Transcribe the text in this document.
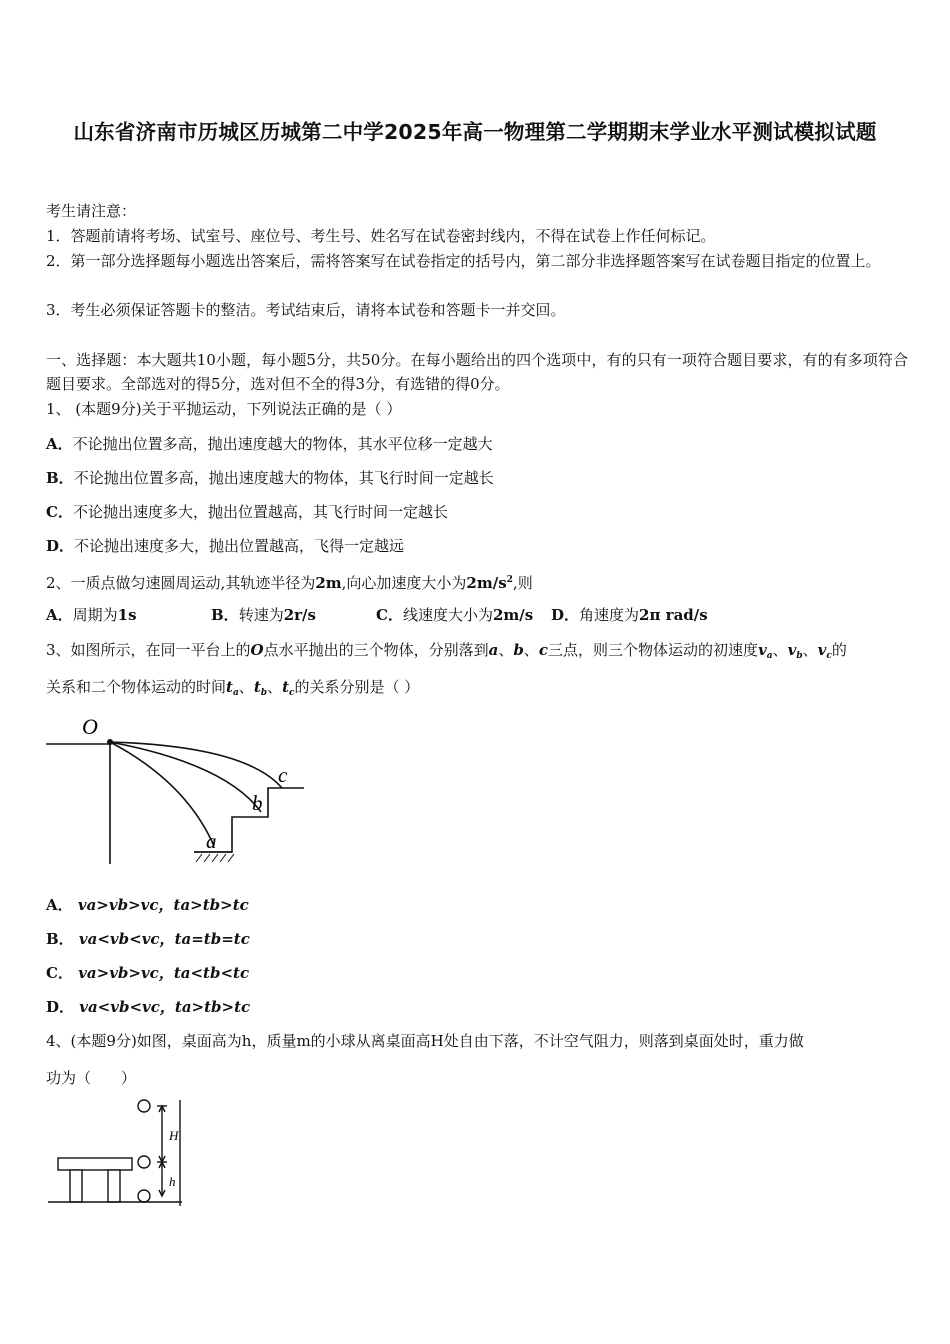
山东省济南市历城区历城第二中学2025年高一物理第二学期期末学业水平测试模拟试题
考生请注意：
1．答题前请将考场、试室号、座位号、考生号、姓名写在试卷密封线内，不得在试卷上作任何标记。
2．第一部分选择题每小题选出答案后，需将答案写在试卷指定的括号内，第二部分非选择题答案写在试卷题目指定的位置上。
3．考生必须保证答题卡的整洁。考试结束后，请将本试卷和答题卡一并交回。
一、选择题：本大题共10小题，每小题5分，共50分。在每小题给出的四个选项中，有的只有一项符合题目要求，有的有多项符合题目要求。全部选对的得5分，选对但不全的得3分，有选错的得0分。
1、 (本题9分)关于平抛运动，下列说法正确的是（ ）
A．不论抛出位置多高，抛出速度越大的物体，其水平位移一定越大
B．不论抛出位置多高，抛出速度越大的物体，其飞行时间一定越长
C．不论抛出速度多大，抛出位置越高，其飞行时间一定越长
D．不论抛出速度多大，抛出位置越高，飞得一定越远
2、一质点做匀速圆周运动,其轨迹半径为2m,向心加速度大小为$2m/s^2$,则
A．周期为1s	B．转速为2r/s	C．线速度大小为2m/s D．角速度为2π rad/s
3、如图所示，在同一平台上的O点水平抛出的三个物体，分别落到a、b、c三点，则三个物体运动的初速度$v_a$、$v_b$、$v_c$的
关系和二个物体运动的时间$t_a$、$t_b$、$t_c$的关系分别是（ ）
O
a
b
c
A． va>vb>vc，ta>tb>tc
B． va<vb<vc，ta=tb=tc
C． va>vb>vc，ta<tb<tc
D． va<vb<vc，ta>tb>tc
4、(本题9分)如图，桌面高为h，质量m的小球从离桌面高H处自由下落，不计空气阻力，则落到桌面处时，重力做
功为（　　）
H
h
